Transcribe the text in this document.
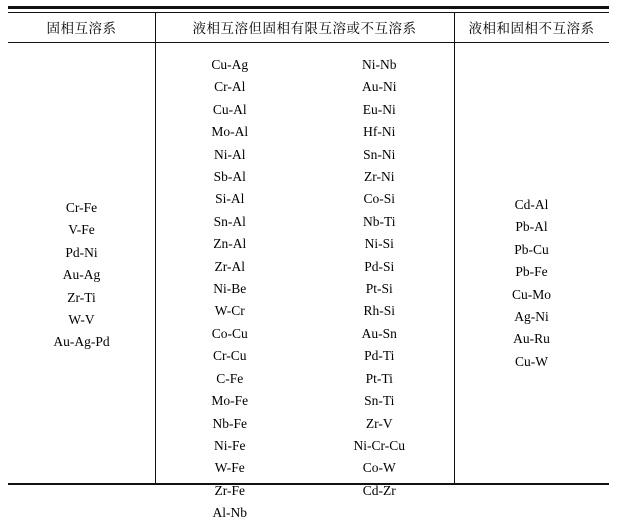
固相互溶系	液相互溶但固相有限互溶或不互溶系	液相和固相不互溶系
Cr-Fe
V-Fe
Pd-Ni
Au-Ag
Zr-Ti
W-V
Au-Ag-Pd
Cu-Ag
Cr-Al
Cu-Al
Mo-Al
Ni-Al
Sb-Al
Si-Al
Sn-Al
Zn-Al
Zr-Al
Ni-Be
W-Cr
Co-Cu
Cr-Cu
C-Fe
Mo-Fe
Nb-Fe
Ni-Fe
W-Fe
Zr-Fe
Al-Nb
Ni-Nb
Au-Ni
Eu-Ni
Hf-Ni
Sn-Ni
Zr-Ni
Co-Si
Nb-Ti
Ni-Si
Pd-Si
Pt-Si
Rh-Si
Au-Sn
Pd-Ti
Pt-Ti
Sn-Ti
Zr-V
Ni-Cr-Cu
Co-W
Cd-Zr
Cd-Al
Pb-Al
Pb-Cu
Pb-Fe
Cu-Mo
Ag-Ni
Au-Ru
Cu-W
